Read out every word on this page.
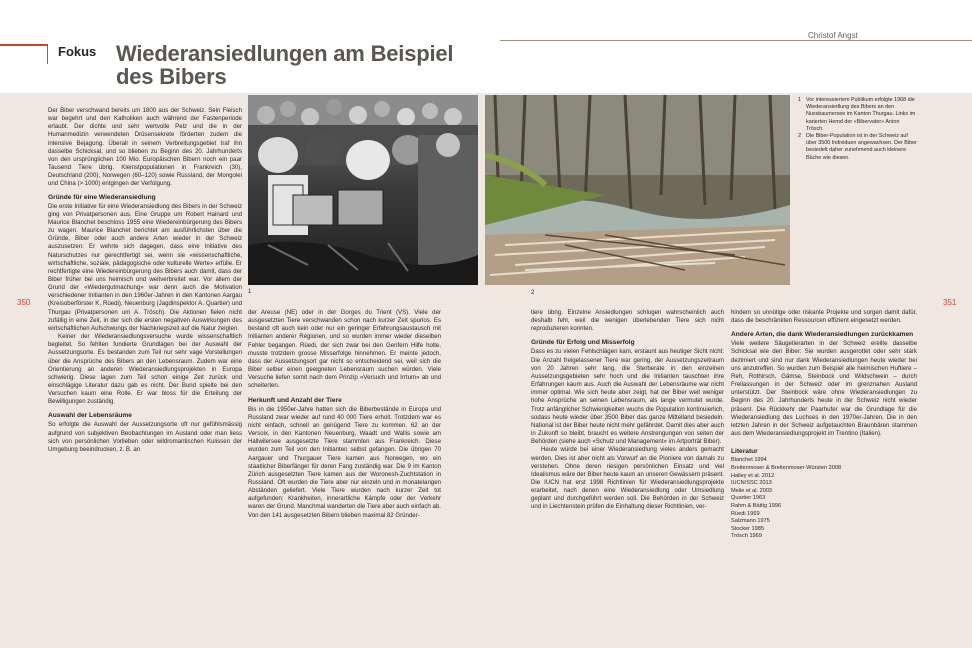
Fokus Wiederansiedlungen am Beispiel
des Bibers
Christof Angst
350	351
1	2
1 Vor interessiertem Publikum erfolgte 1968 die Wiederansiedlung des Bibers an den Nussbaumersee im Kanton Thurgau. Links im karierten Hemd der «Bibervater» Anton Trösch.
2 Die Biber-Population ist in der Schweiz auf über 3500 Individuen angewachsen. Der Biber besiedelt daher zunehmend auch kleinere Bäche wie diesen.

Der Biber verschwand bereits um 1800 aus der Schweiz. Sein Fleisch war begehrt und den Katholiken auch während der Fastenperiode erlaubt. Der dichte und sehr wertvolle Pelz und die in der Humanmedizin verwendeten Drüsensekrete förderten zudem die intensive Bejagung. Überall in seinem Verbreitungsgebiet traf ihn dasselbe Schicksal, und so blieben zu Beginn des 20. Jahrhunderts von den ursprünglichen 100 Mio. Europäischen Bibern noch ein paar Tausend Tiere übrig. Kleinstpopulationen in Frankreich (30), Deutschland (200), Norwegen (60–120) sowie Russland, der Mongolei und China (> 1000) entgingen der Verfolgung.

Gründe für eine Wiederansiedlung

Die erste Initiative für eine Wiederansiedlung des Bibers in der Schweiz ging von Privatpersonen aus. Eine Gruppe um Robert Hainard und Maurice Blanchet beschloss 1955 eine Wiedereinbürgerung des Bibers zu wagen. Maurice Blanchet berichtet am ausführlichsten über die Gründe, Biber oder auch andere Arten wieder in der Schweiz auszusetzen: Er wehrte sich dagegen, dass eine Initiative des Naturschutzes nur gerechtfertigt sei, wenn sie «wissenschaftliche, wirtschaftliche, soziale, pädagogische oder kulturelle Werte» erfülle. Er rechtfertigte eine Wiedereinbürgerung des Bibers auch damit, dass der Biber früher bei uns heimisch und weitverbreitet war. Vor allem der Grund der «Wiedergutmachung» war denn auch die Motivation verschiedener Initianten in den 1960er-Jahren in den Kantonen Aargau (Kreisoberförster K. Rüedi), Neuenburg (Jagdinspektor A. Quartier) und Thurgau (Privatpersonen um A. Trösch). Die Aktionen fielen nicht zufällig in eine Zeit, in der sich die ersten negativen Auswirkungen des wirtschaftlichen Aufschwungs der Nachkriegszeit auf die Natur zeigten.

Keiner der Wiederansiedlungsversuche wurde wissenschaftlich begleitet. So fehlten fundierte Grundlagen bei der Auswahl der Aussetzungsorte. Es bestanden zum Teil nur sehr vage Vorstellungen über die Ansprüche des Bibers an den Lebensraum. Zudem war eine Orientierung an anderen Wiederansiedlungsprojekten in Europa schwierig. Diese lagen zum Teil schon einige Zeit zurück und einschlägige Literatur dazu gab es nicht. Der Bund spielte bei den Versuchen kaum eine Rolle. Er war bloss für die Erteilung der Bewilligungen zuständig.

Auswahl der Lebensräume

So erfolgte die Auswahl der Aussetzungsorte oft nur gefühlsmässig aufgrund von subjektiven Beobachtungen im Ausland oder man liess sich von persönlichen Vorlieben oder wildromantischen Kulissen der Umgebung beeindrucken, z. B. an

der Areuse (NE) oder in der Gorges du Trient (VS). Viele der ausgesetzten Tiere verschwanden schon nach kurzer Zeit spurlos. Es bestand oft auch kein oder nur ein geringer Erfahrungsaustausch mit Initianten anderer Regionen, und so wurden immer wieder dieselben Fehler begangen. Rüedi, der sich zwar bei den Genfern Hilfe holte, musste trotzdem grosse Misserfolge hinnehmen. Er meinte jedoch, dass der Aussetzungsort gar nicht so entscheidend sei, weil sich die Biber selber einen geeigneten Lebensraum suchen würden. Viele Versuche liefen somit nach dem Prinzip «Versuch und Irrtum» ab und scheiterten.

Herkunft und Anzahl der Tiere

Bis in die 1950er-Jahre hatten sich die Biberbestände in Europa und Russland zwar wieder auf rund 40 000 Tiere erholt. Trotzdem war es nicht einfach, schnell an genügend Tiere zu kommen. 62 an der Versoix, in den Kantonen Neuenburg, Waadt und Wallis sowie am Hallwilersee ausgesetzte Tiere stammten aus Frankreich. Diese wurden zum Teil von den Initianten selbst gefangen. Die übrigen 70 Aargauer und Thurgauer Tiere kamen aus Norwegen, wo ein staatlicher Biberfänger für deren Fang zuständig war. Die 9 im Kanton Zürich ausgesetzten Tiere kamen aus der Woronesh-Zuchtstation in Russland. Oft wurden die Tiere aber nur einzeln und in monatelangen Abständen geliefert. Viele Tiere wurden nach kurzer Zeit tot aufgefunden: Krankheiten, innerartliche Kämpfe oder der Verkehr waren der Grund. Manchmal wanderten die Tiere aber auch einfach ab. Von den 141 ausgesetzten Bibern blieben maximal 82 Gründer-

tiere übrig. Einzelne Ansiedlungen schlugen wahrscheinlich auch deshalb fehl, weil die wenigen überlebenden Tiere sich nicht reproduzieren konnten.

Gründe für Erfolg und Misserfolg

Dass es zu vielen Fehlschlägen kam, erstaunt aus heutiger Sicht nicht: Die Anzahl freigelassener Tiere war gering, der Aussetzungszeitraum von 20 Jahren sehr lang, die Sterberate in den einzelnen Aussetzungsgebieten sehr hoch und die Initianten tauschten ihre Erfahrungen kaum aus. Auch die Auswahl der Lebensräume war nicht immer optimal. Wie sich heute aber zeigt, hat der Biber weit weniger hohe Ansprüche an seinen Lebensraum, als lange vermutet wurde. Trotz anfänglicher Schwierigkeiten wuchs die Population kontinuierlich, sodass heute wieder über 3500 Biber das ganze Mittelland besiedeln. National ist der Biber heute nicht mehr gefährdet. Damit dies aber auch in Zukunft so bleibt, braucht es weitere Anstrengungen von seiten der Behörden (siehe auch «Schutz und Management» im Artporträt Biber).

Heute würde bei einer Wiederansiedlung vieles anders gemacht werden. Dies ist aber nicht als Vorwurf an die Pioniere von damals zu verstehen. Ohne deren riesigen persönlichen Einsatz und viel Idealismus wäre der Biber heute kaum an unseren Gewässern präsent. Die IUCN hat erst 1998 Richtlinien für Wiederansiedlungsprojekte erarbeitet, nach denen eine Wiederansiedlung oder Umsiedlung geplant und durchgeführt werden soll. Die Behörden in der Schweiz und in Liechtenstein prüfen die Einhaltung dieser Richtlinien, ver-

hindern so unnötige oder riskante Projekte und sorgen damit dafür, dass die beschränkten Ressourcen effizient eingesetzt werden.

Andere Arten, die dank Wiederansiedlungen zurückkamen

Viele weitere Säugetierarten in der Schweiz ereilte dasselbe Schicksal wie den Biber: Sie wurden ausgerottet oder sehr stark dezimiert und sind nur dank Wiederansiedlungen heute wieder bei uns anzutreffen. So wurden zum Beispiel alle heimischen Huftiere – Reh, Rothirsch, Gämse, Steinbock und Wildschwein – durch Freilassungen in der Schweiz oder im grenznahen Ausland unterstützt. Der Steinbock wäre ohne Wiederansiedlungen zu Beginn des 20. Jahrhunderts heute in der Schweiz nicht wieder präsent. Die Rückkehr der Paarhufer war die Grundlage für die Wiederansiedlung des Luchses in den 1970er-Jahren. Die in den letzten Jahren in der Schweiz aufgetauchten Braunbären stammen aus dem Wiederansiedlungsprojekt im Trentino (Italien).

Literatur
Blanchet 1994
Breitenmoser & Breitenmoser-Würsten 2008
Halley et al. 2012
IUCN/SSC 2013
Meile et al. 2003
Quartier 1963
Rahm & Bättig 1996
Rüedi 1969
Salzmann 1975
Stocker 1985
Trösch 1969
